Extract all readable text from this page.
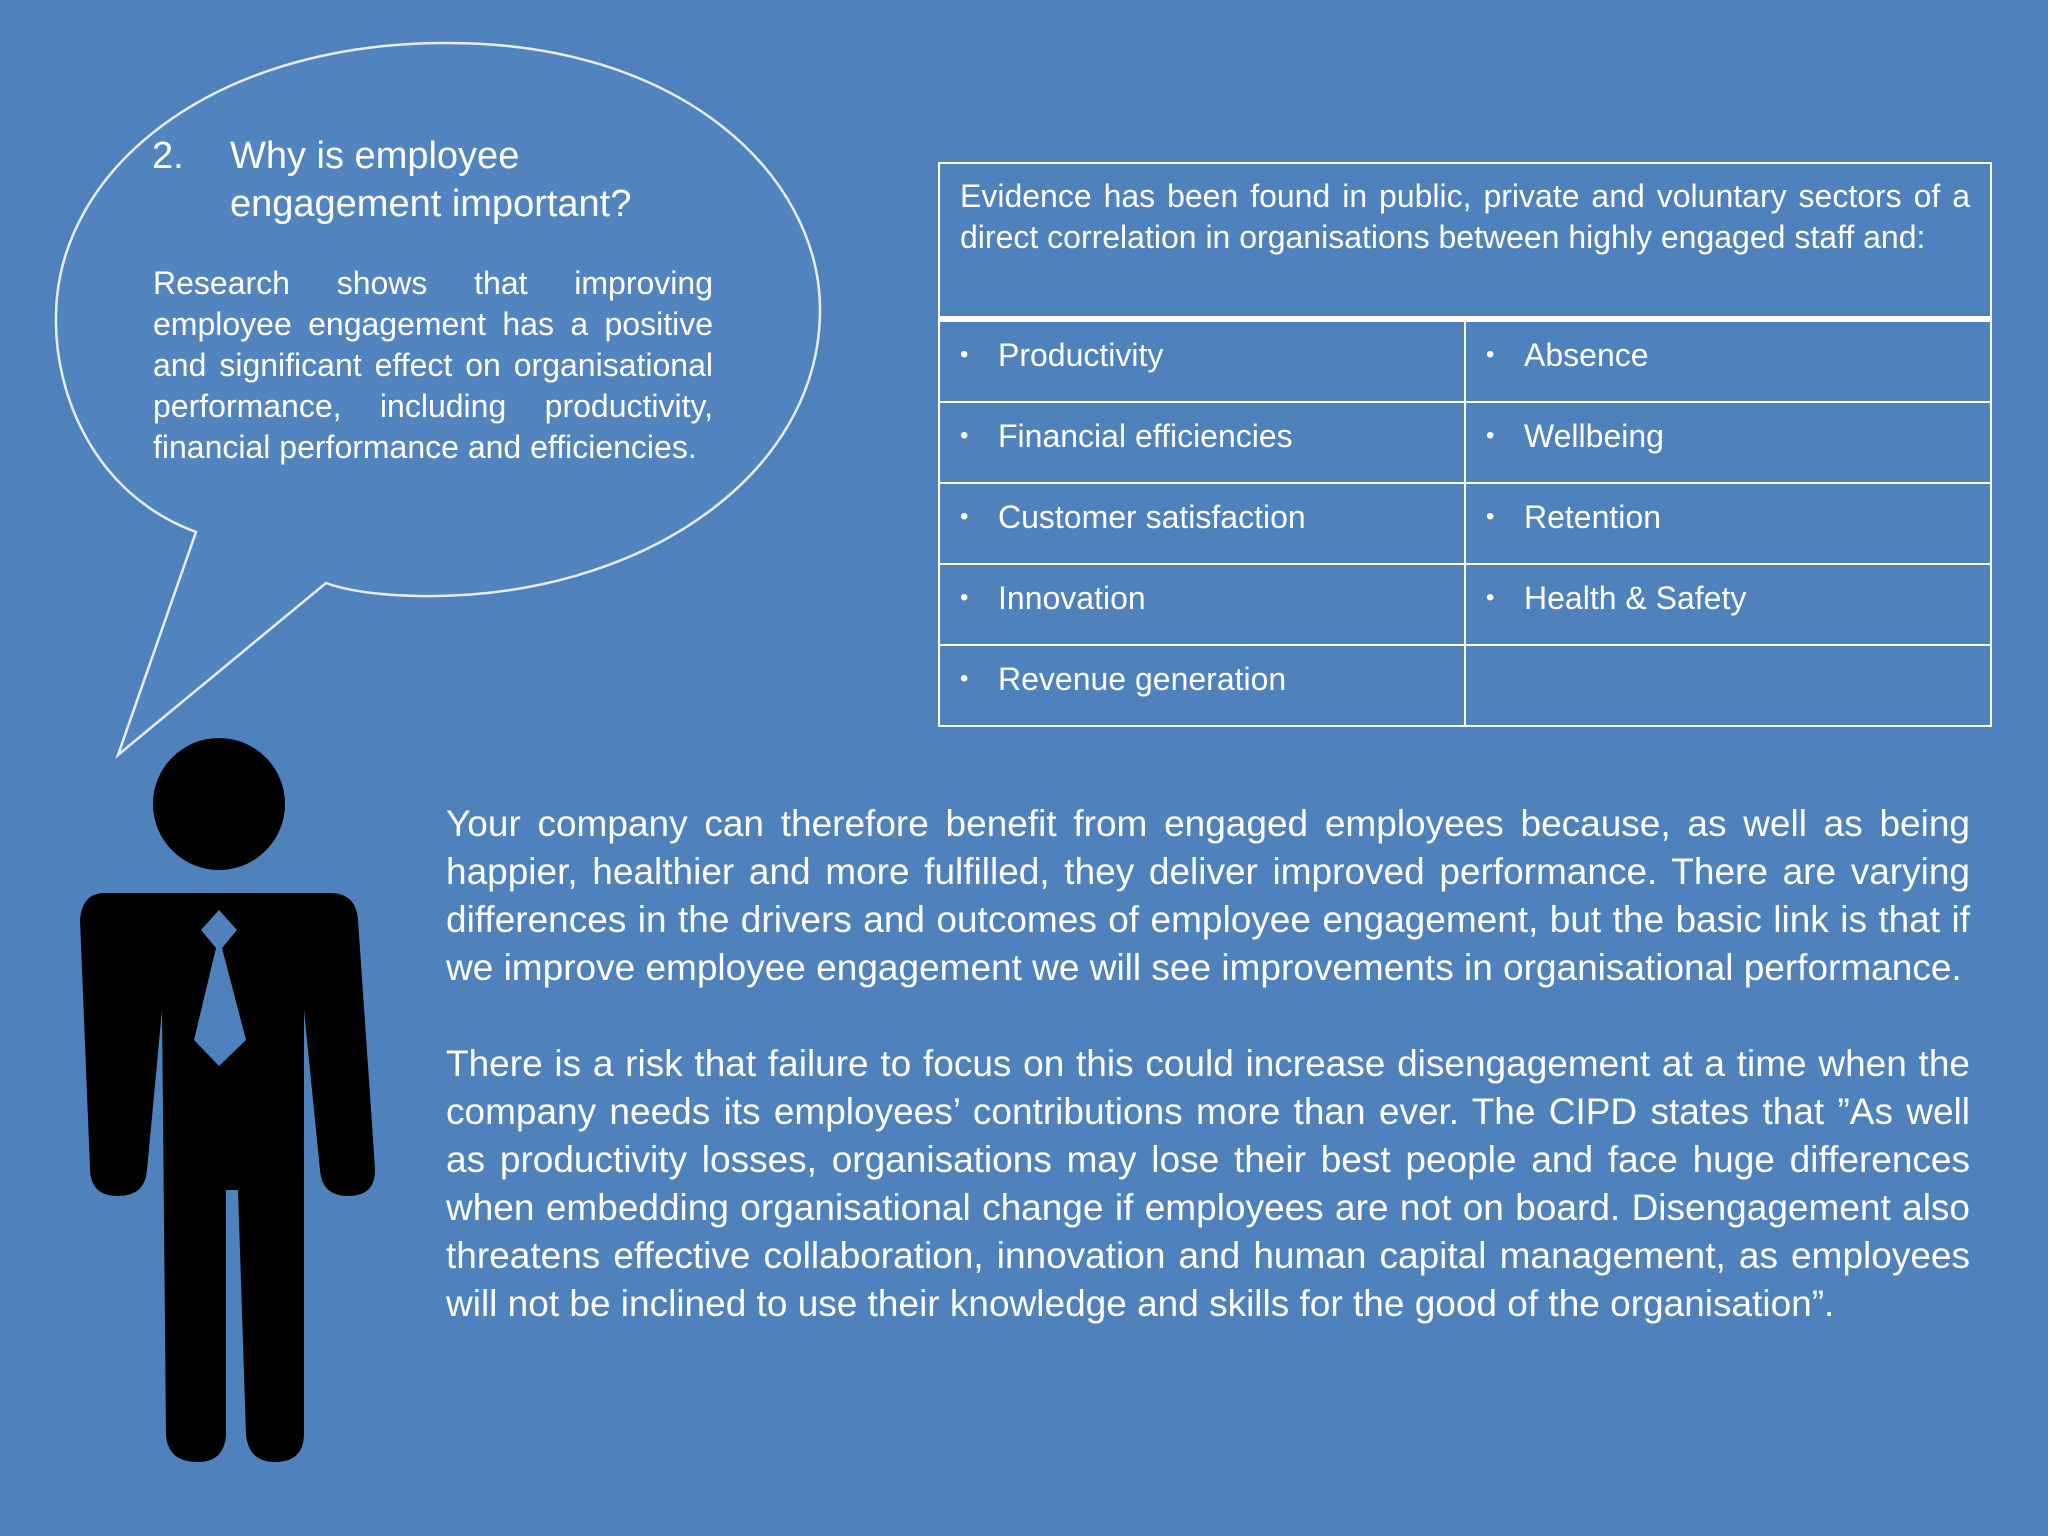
2.	Why is employee engagement important?
Research shows that improving employee engagement has a positive and significant effect on organisational performance, including productivity, financial performance and efficiencies.
Evidence has been found in public, private and voluntary sectors of a direct correlation in organisations between highly engaged staff and:	

• Productivity	• Absence

• Financial efficiencies	• Wellbeing

• Customer satisfaction	• Retention

• Innovation	• Health & Safety

• Revenue generation	

Your company can therefore benefit from engaged employees because, as well as being happier, healthier and more fulfilled, they deliver improved performance. There are varying differences in the drivers and outcomes of employee engagement, but the basic link is that if we improve employee engagement we will see improvements in organisational performance.

There is a risk that failure to focus on this could increase disengagement at a time when the company needs its employees’ contributions more than ever. The CIPD states that ”As well as productivity losses, organisations may lose their best people and face huge differences when embedding organisational change if employees are not on board. Disengagement also threatens effective collaboration, innovation and human capital management, as employees will not be inclined to use their knowledge and skills for the good of the organisation”.
